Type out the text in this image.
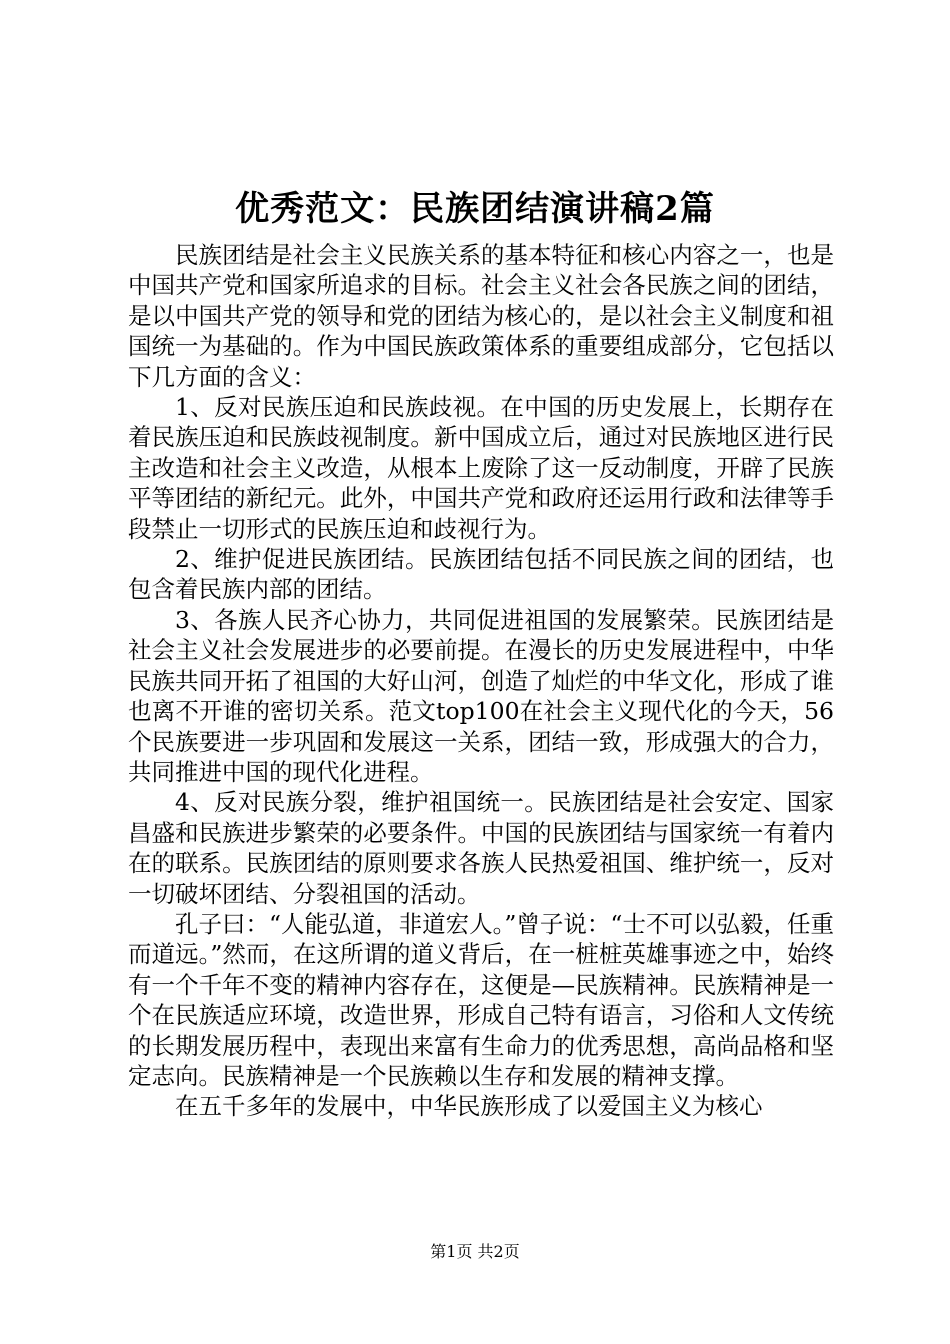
优秀范文：民族团结演讲稿2篇

民族团结是社会主义民族关系的基本特征和核心内容之一，也是中国共产党和国家所追求的目标。社会主义社会各民族之间的团结，是以中国共产党的领导和党的团结为核心的，是以社会主义制度和祖国统一为基础的。作为中国民族政策体系的重要组成部分，它包括以下几方面的含义：

1、反对民族压迫和民族歧视。在中国的历史发展上，长期存在着民族压迫和民族歧视制度。新中国成立后，通过对民族地区进行民主改造和社会主义改造，从根本上废除了这一反动制度，开辟了民族平等团结的新纪元。此外，中国共产党和政府还运用行政和法律等手段禁止一切形式的民族压迫和歧视行为。

2、维护促进民族团结。民族团结包括不同民族之间的团结，也包含着民族内部的团结。

3、各族人民齐心协力，共同促进祖国的发展繁荣。民族团结是社会主义社会发展进步的必要前提。在漫长的历史发展进程中，中华民族共同开拓了祖国的大好山河，创造了灿烂的中华文化，形成了谁也离不开谁的密切关系。范文top100在社会主义现代化的今天，56个民族要进一步巩固和发展这一关系，团结一致，形成强大的合力，共同推进中国的现代化进程。

4、反对民族分裂，维护祖国统一。民族团结是社会安定、国家昌盛和民族进步繁荣的必要条件。中国的民族团结与国家统一有着内在的联系。民族团结的原则要求各族人民热爱祖国、维护统一，反对一切破坏团结、分裂祖国的活动。

孔子曰：“人能弘道，非道宏人。”曾子说：“士不可以弘毅，任重而道远。”然而，在这所谓的道义背后，在一桩桩英雄事迹之中，始终有一个千年不变的精神内容存在，这便是—民族精神。民族精神是一个在民族适应环境，改造世界，形成自己特有语言，习俗和人文传统的长期发展历程中，表现出来富有生命力的优秀思想，高尚品格和坚定志向。民族精神是一个民族赖以生存和发展的精神支撑。

在五千多年的发展中，中华民族形成了以爱国主义为核心

第1页 共2页
